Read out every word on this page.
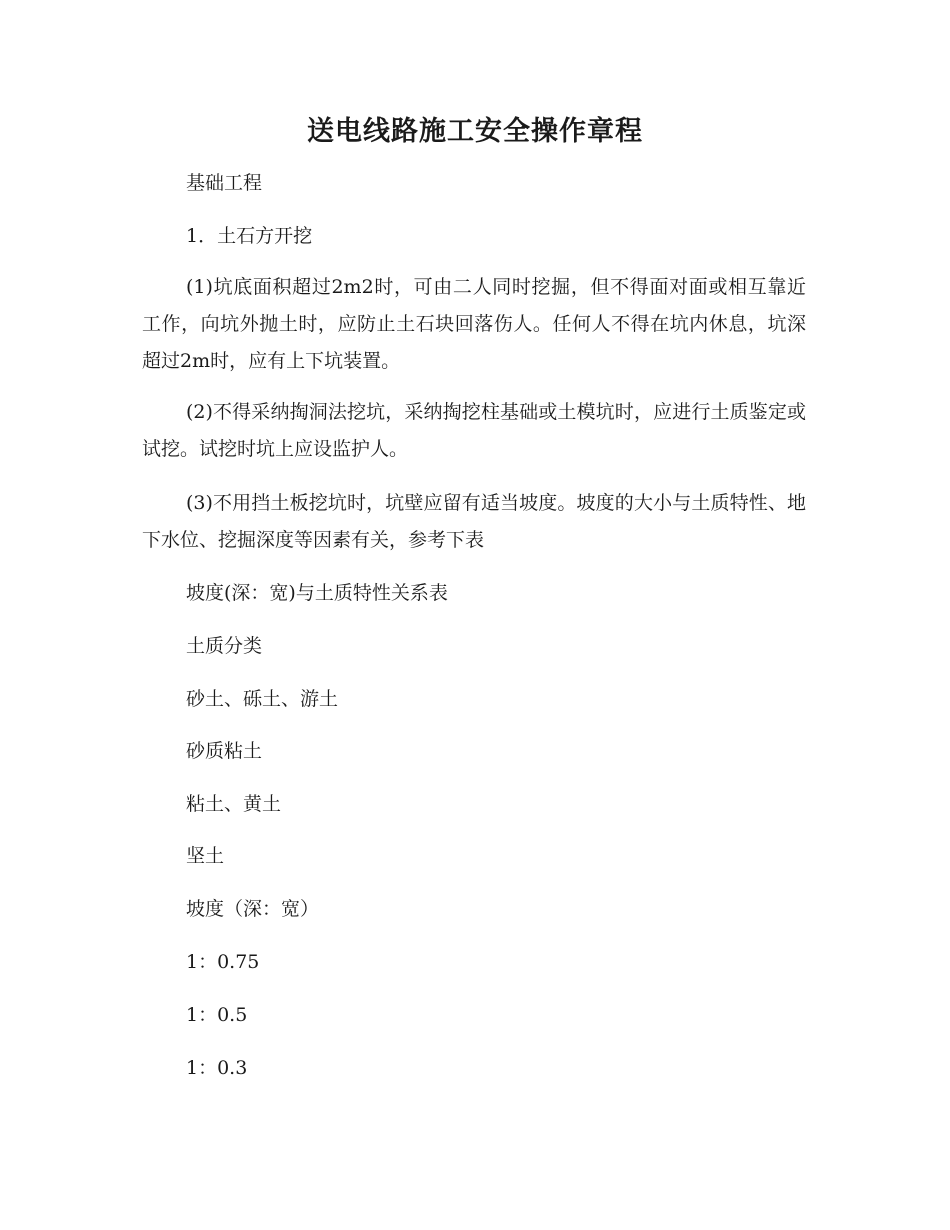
送电线路施工安全操作章程

基础工程

1．土石方开挖

(1)坑底面积超过2m2时，可由二人同时挖掘，但不得面对面或相互靠近工作，向坑外抛土时，应防止土石块回落伤人。任何人不得在坑内休息，坑深超过2m时，应有上下坑装置。

(2)不得采纳掏洞法挖坑，采纳掏挖柱基础或土模坑时，应进行土质鉴定或试挖。试挖时坑上应设监护人。

(3)不用挡土板挖坑时，坑壁应留有适当坡度。坡度的大小与土质特性、地下水位、挖掘深度等因素有关，参考下表

坡度(深：宽)与土质特性关系表

土质分类

砂土、砾土、游土

砂质粘土

粘土、黄土

坚土

坡度（深：宽）

1：0.75

1：0.5

1：0.3
